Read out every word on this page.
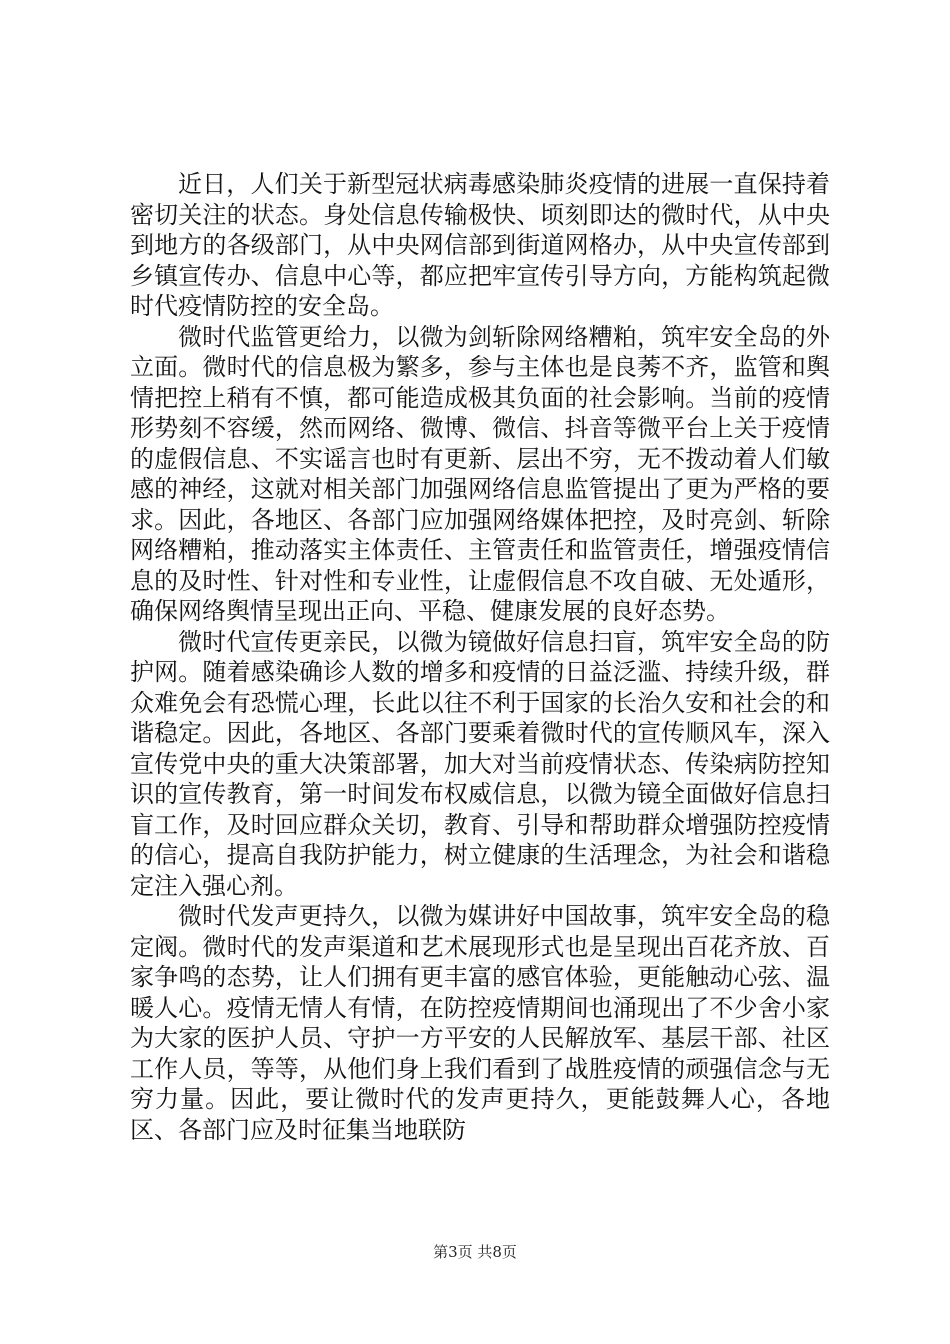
近日，人们关于新型冠状病毒感染肺炎疫情的进展一直保持着密切关注的状态。身处信息传输极快、顷刻即达的微时代，从中央到地方的各级部门，从中央网信部到街道网格办，从中央宣传部到乡镇宣传办、信息中心等，都应把牢宣传引导方向，方能构筑起微时代疫情防控的安全岛。

微时代监管更给力，以微为剑斩除网络糟粕，筑牢安全岛的外立面。微时代的信息极为繁多，参与主体也是良莠不齐，监管和舆情把控上稍有不慎，都可能造成极其负面的社会影响。当前的疫情形势刻不容缓，然而网络、微博、微信、抖音等微平台上关于疫情的虚假信息、不实谣言也时有更新、层出不穷，无不拨动着人们敏感的神经，这就对相关部门加强网络信息监管提出了更为严格的要求。因此，各地区、各部门应加强网络媒体把控，及时亮剑、斩除网络糟粕，推动落实主体责任、主管责任和监管责任，增强疫情信息的及时性、针对性和专业性，让虚假信息不攻自破、无处遁形，确保网络舆情呈现出正向、平稳、健康发展的良好态势。

微时代宣传更亲民，以微为镜做好信息扫盲，筑牢安全岛的防护网。随着感染确诊人数的增多和疫情的日益泛滥、持续升级，群众难免会有恐慌心理，长此以往不利于国家的长治久安和社会的和谐稳定。因此，各地区、各部门要乘着微时代的宣传顺风车，深入宣传党中央的重大决策部署，加大对当前疫情状态、传染病防控知识的宣传教育，第一时间发布权威信息，以微为镜全面做好信息扫盲工作，及时回应群众关切，教育、引导和帮助群众增强防控疫情的信心，提高自我防护能力，树立健康的生活理念，为社会和谐稳定注入强心剂。

微时代发声更持久，以微为媒讲好中国故事，筑牢安全岛的稳定阀。微时代的发声渠道和艺术展现形式也是呈现出百花齐放、百家争鸣的态势，让人们拥有更丰富的感官体验，更能触动心弦、温暖人心。疫情无情人有情，在防控疫情期间也涌现出了不少舍小家为大家的医护人员、守护一方平安的人民解放军、基层干部、社区工作人员，等等，从他们身上我们看到了战胜疫情的顽强信念与无穷力量。因此，要让微时代的发声更持久，更能鼓舞人心，各地区、各部门应及时征集当地联防

第3页 共8页
